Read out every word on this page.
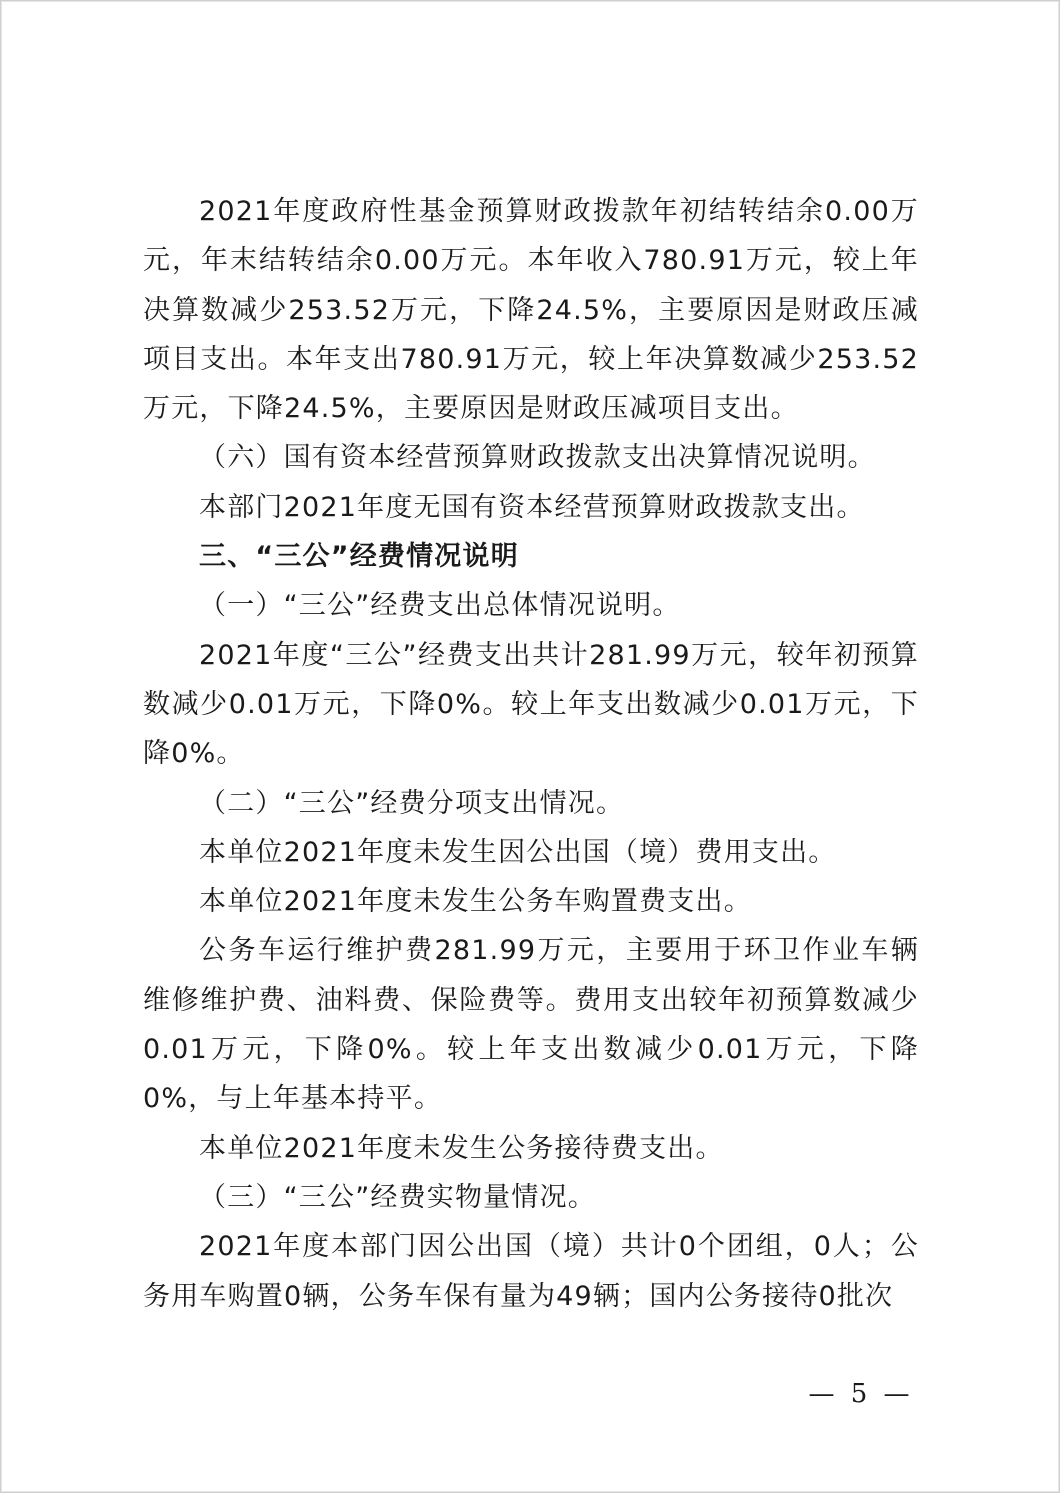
2021年度政府性基金预算财政拨款年初结转结余0.00万元，年末结转结余0.00万元。本年收入780.91万元，较上年决算数减少253.52万元，下降24.5%，主要原因是财政压减项目支出。本年支出780.91万元，较上年决算数减少253.52万元，下降24.5%，主要原因是财政压减项目支出。

（六）国有资本经营预算财政拨款支出决算情况说明。

本部门2021年度无国有资本经营预算财政拨款支出。

三、“三公”经费情况说明

（一）“三公”经费支出总体情况说明。

2021年度“三公”经费支出共计281.99万元，较年初预算数减少0.01万元，下降0%。较上年支出数减少0.01万元，下降0%。

（二）“三公”经费分项支出情况。

本单位2021年度未发生因公出国（境）费用支出。

本单位2021年度未发生公务车购置费支出。

公务车运行维护费281.99万元，主要用于环卫作业车辆维修维护费、油料费、保险费等。费用支出较年初预算数减少0.01万元，下降0%。较上年支出数减少0.01万元，下降0%，与上年基本持平。

本单位2021年度未发生公务接待费支出。

（三）“三公”经费实物量情况。

2021年度本部门因公出国（境）共计0个团组，0人；公务用车购置0辆，公务车保有量为49辆；国内公务接待0批次

— 5 —
